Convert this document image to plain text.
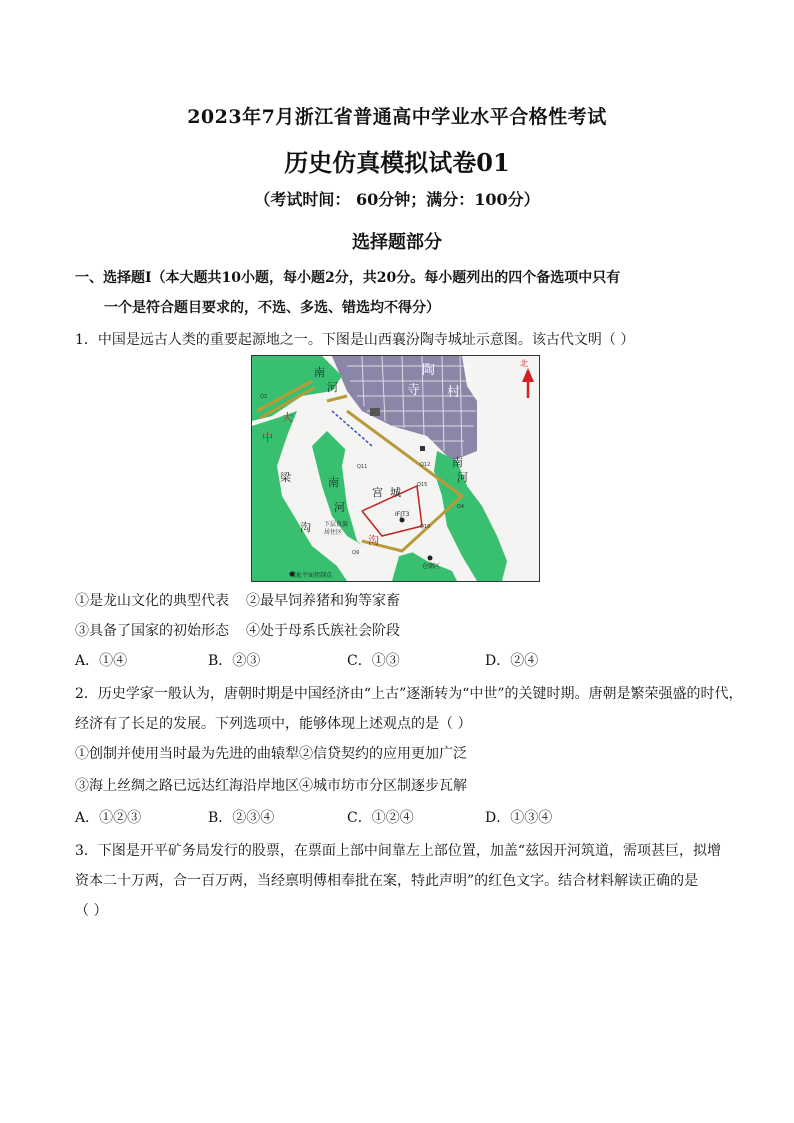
2023年7月浙江省普通高中学业水平合格性考试
历史仿真模拟试卷01
（考试时间： 60分钟；满分：100分）
选择题部分
一、选择题Ⅰ（本大题共10小题，每小题2分，共20分。每小题列出的四个备选项中只有
一个是符合题目要求的，不选、多选、错选均不得分）
1．中国是远古人类的重要起源地之一。下图是山西襄汾陶寺城址示意图。该古代文明（ ）
北
南
河
陶
寺 村
大
中
梁
沟
南
河
沟
宫 城
南
河
IFJT3
下层贵族
居住区
仓储区
城址平面控制点
Q2
Q11	Q12
Q15
Q4
Q10
Q9
①是龙山文化的典型代表 ②最早饲养猪和狗等家畜
③具备了国家的初始形态 ④处于母系氏族社会阶段
A．①④	B．②③	C．①③	D．②④
2．历史学家一般认为，唐朝时期是中国经济由“上古”逐渐转为“中世”的关键时期。唐朝是繁荣强盛的时代，
经济有了长足的发展。下列选项中，能够体现上述观点的是（ ）
①创制并使用当时最为先进的曲辕犁②信贷契约的应用更加广泛
③海上丝绸之路已远达红海沿岸地区④城市坊市分区制逐步瓦解
A．①②③	B．②③④	C．①②④	D．①③④
3．下图是开平矿务局发行的股票，在票面上部中间靠左上部位置，加盖“兹因开河筑道，需项甚巨，拟增
资本二十万两，合一百万两，当经禀明傅相奉批在案，特此声明”的红色文字。结合材料解读正确的是
（ ）
